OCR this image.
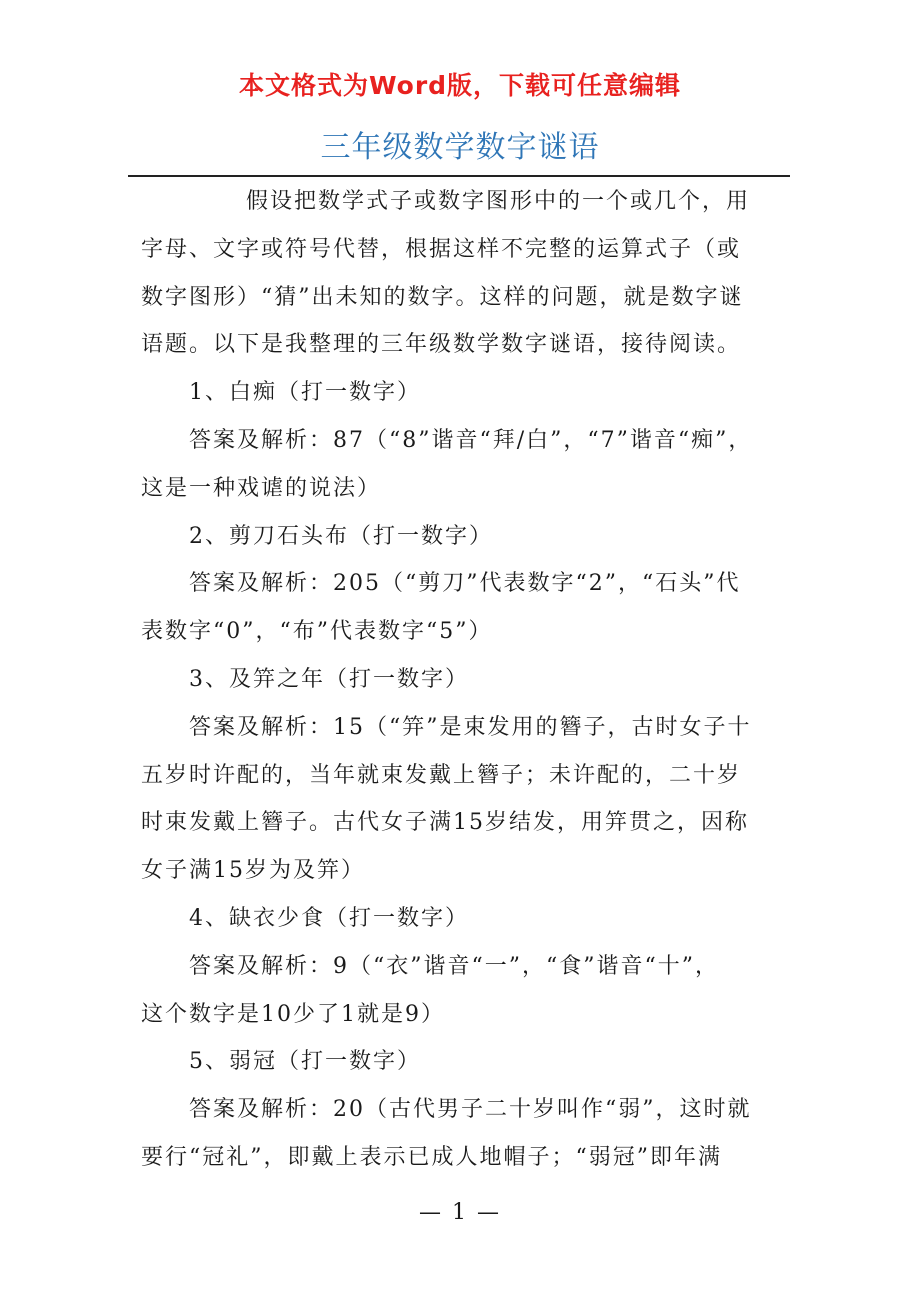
本文格式为Word版，下载可任意编辑
三年级数学数字谜语
假设把数学式子或数字图形中的一个或几个，用
字母、文字或符号代替，根据这样不完整的运算式子（或
数字图形）“猜”出未知的数字。这样的问题，就是数字谜
语题。以下是我整理的三年级数学数字谜语，接待阅读。
1、白痴（打一数字）
答案及解析：87（“8”谐音“拜/白”，“7”谐音“痴”，
这是一种戏谑的说法）
2、剪刀石头布（打一数字）
答案及解析：205（“剪刀”代表数字“2”，“石头”代
表数字“0”，“布”代表数字“5”）
3、及笄之年（打一数字）
答案及解析：15（“笄”是束发用的簪子，古时女子十
五岁时许配的，当年就束发戴上簪子；未许配的，二十岁
时束发戴上簪子。古代女子满15岁结发，用笄贯之，因称
女子满15岁为及笄）
4、缺衣少食（打一数字）
答案及解析：9（“衣”谐音“一”，“食”谐音“十”，
这个数字是10少了1就是9）
5、弱冠（打一数字）
答案及解析：20（古代男子二十岁叫作“弱”，这时就
要行“冠礼”，即戴上表示已成人地帽子；“弱冠”即年满
— 1 —
